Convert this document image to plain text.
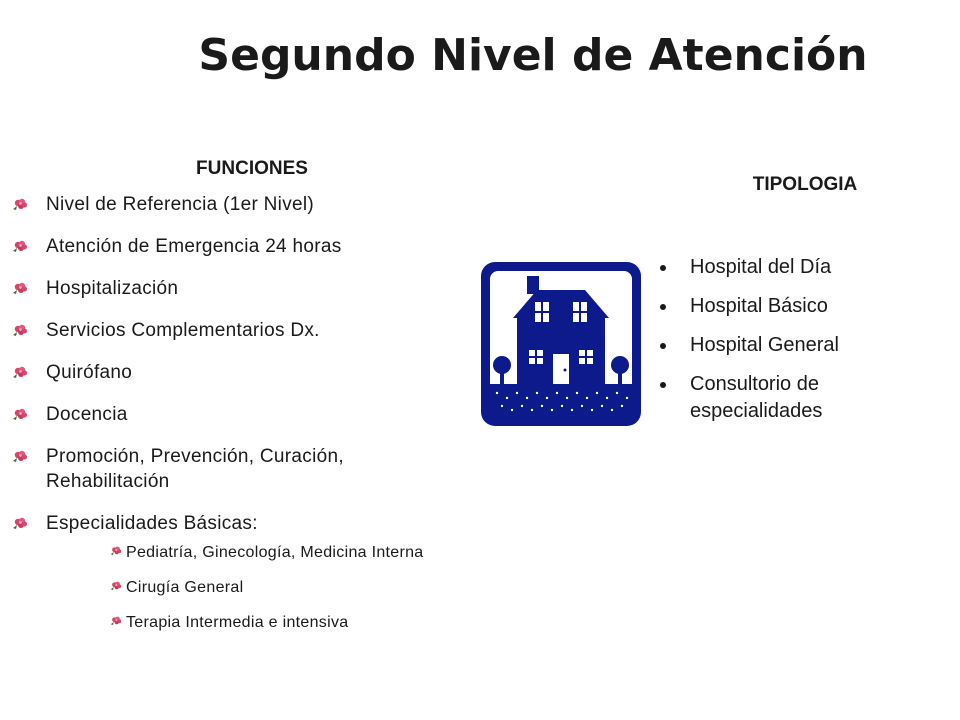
Segundo Nivel de Atención
FUNCIONES
Nivel de Referencia (1er Nivel)
Atención de Emergencia 24 horas
Hospitalización
Servicios Complementarios Dx.
Quirófano
Docencia
Promoción, Prevención, Curación, Rehabilitación
Especialidades Básicas:
Pediatría, Ginecología, Medicina Interna
Cirugía General
Terapia Intermedia e intensiva
TIPOLOGIA
Hospital del Día
Hospital Básico
Hospital General
Consultorio de especialidades
